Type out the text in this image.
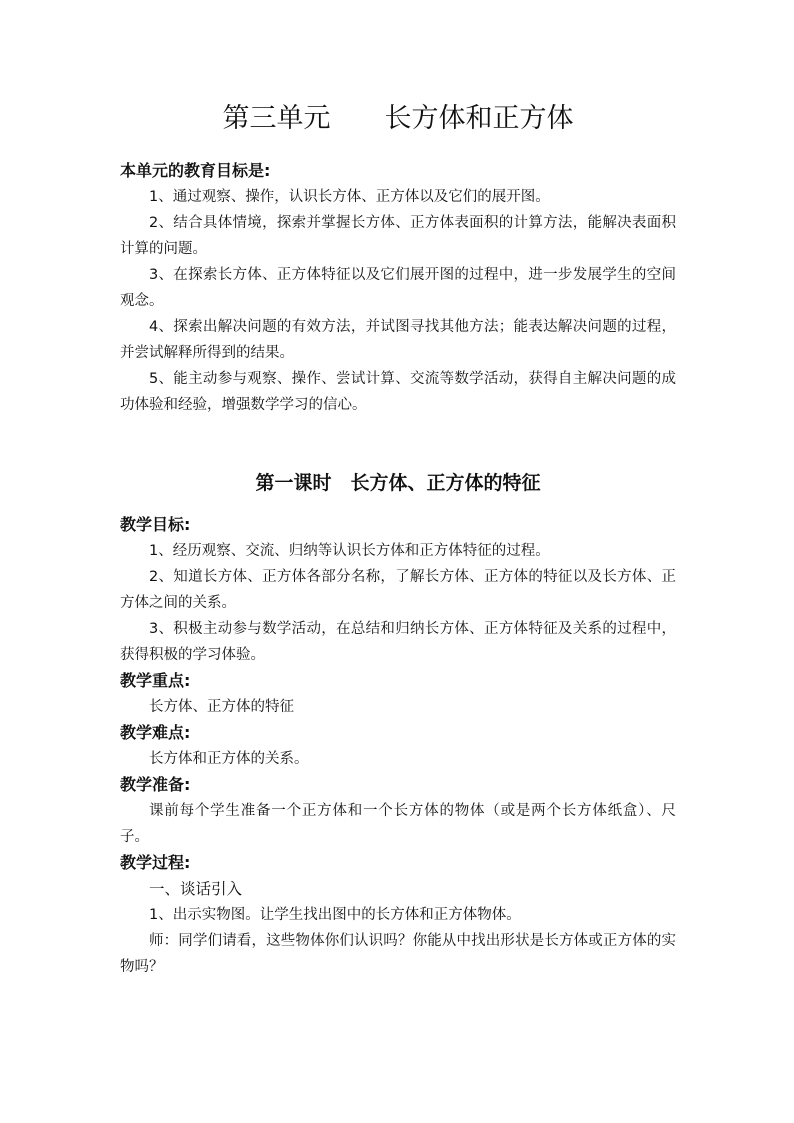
第三单元　　长方体和正方体

本单元的教育目标是:

1、通过观察、操作，认识长方体、正方体以及它们的展开图。

2、结合具体情境，探索并掌握长方体、正方体表面积的计算方法，能解决表面积计算的问题。

3、在探索长方体、正方体特征以及它们展开图的过程中，进一步发展学生的空间观念。

4、探索出解决问题的有效方法，并试图寻找其他方法；能表达解决问题的过程，并尝试解释所得到的结果。

5、能主动参与观察、操作、尝试计算、交流等数学活动，获得自主解决问题的成功体验和经验，增强数学学习的信心。

第一课时　长方体、正方体的特征

教学目标:

1、经历观察、交流、归纳等认识长方体和正方体特征的过程。

2、知道长方体、正方体各部分名称，了解长方体、正方体的特征以及长方体、正方体之间的关系。

3、积极主动参与数学活动，在总结和归纳长方体、正方体特征及关系的过程中，获得积极的学习体验。

教学重点:

长方体、正方体的特征

教学难点:

长方体和正方体的关系。

教学准备:

课前每个学生准备一个正方体和一个长方体的物体（或是两个长方体纸盒）、尺子。

教学过程:

一、谈话引入

1、出示实物图。让学生找出图中的长方体和正方体物体。

师：同学们请看，这些物体你们认识吗？你能从中找出形状是长方体或正方体的实物吗？
